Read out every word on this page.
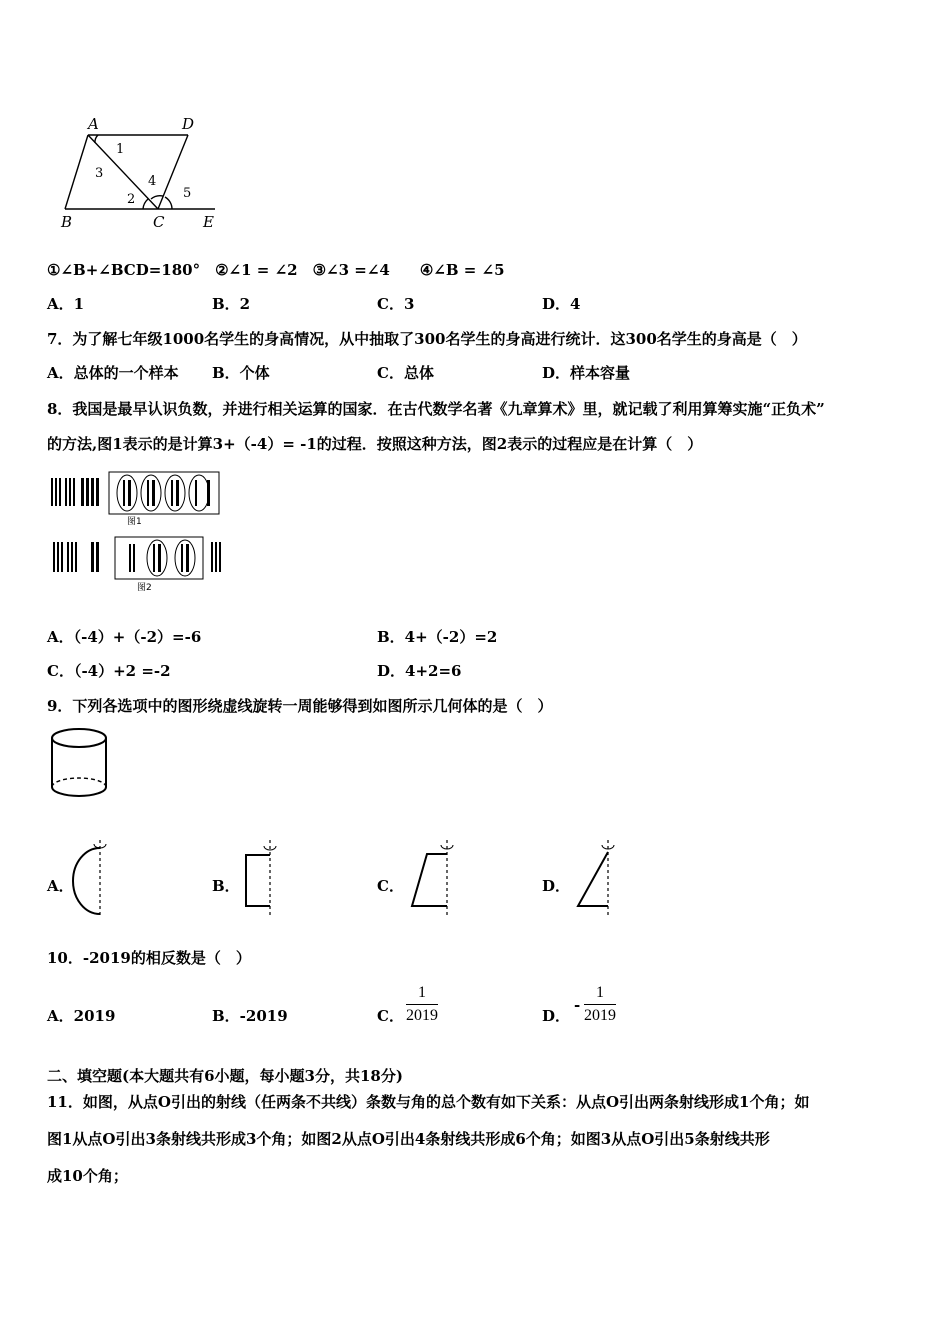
A	D
B	C	E
1
2
3
4
5
①∠B+∠BCD=180°　②∠1 = ∠2　③∠3 =∠4　　④∠B = ∠5
A．1	B．2	C．3	D．4
7．为了解七年级1000名学生的身高情况，从中抽取了300名学生的身高进行统计．这300名学生的身高是（　）
A．总体的一个样本 B．个体	C．总体	D．样本容量
8．我国是最早认识负数，并进行相关运算的国家．在古代数学名著《九章算术》里，就记载了利用算筹实施“正负术”
的方法,图1表示的是计算3+（-4）= -1的过程．按照这种方法，图2表示的过程应是在计算（　）
图1
图2
A．（-4）+（-2）=-6	B．4+（-2）=2
C．（-4）+2 =-2	D．4+2=6
9．下列各选项中的图形绕虚线旋转一周能够得到如图所示几何体的是（　）
A．	B．	C．	D．
10．-2019的相反数是（　）
A．2019	B．-2019	C． $\frac{1}{2019}$	D．
- $\frac{1}{2019}$
二、填空题(本大题共有6小题，每小题3分，共18分)
11．如图，从点O引出的射线（任两条不共线）条数与角的总个数有如下关系：从点O引出两条射线形成1个角；如
图1从点O引出3条射线共形成3个角；如图2从点O引出4条射线共形成6个角；如图3从点O引出5条射线共形
成10个角；
